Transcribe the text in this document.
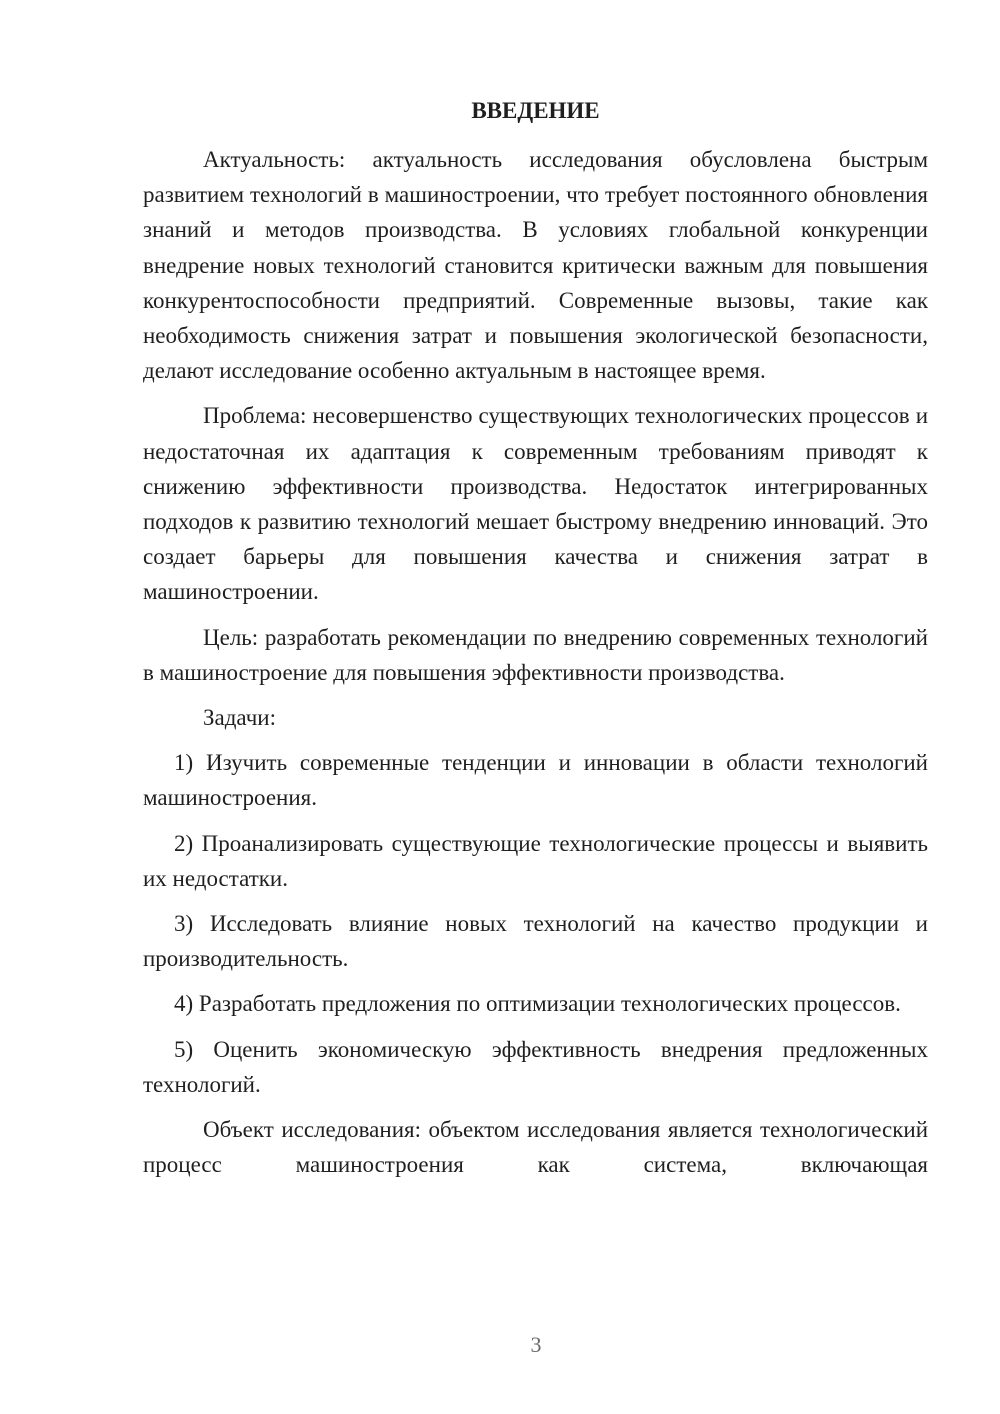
ВВЕДЕНИЕ

Актуальность: актуальность исследования обусловлена быстрым развитием технологий в машиностроении, что требует постоянного обновления знаний и методов производства. В условиях глобальной конкуренции внедрение новых технологий становится критически важным для повышения конкурентоспособности предприятий. Современные вызовы, такие как необходимость снижения затрат и повышения экологической безопасности, делают исследование особенно актуальным в настоящее время.

Проблема: несовершенство существующих технологических процессов и недостаточная их адаптация к современным требованиям приводят к снижению эффективности производства. Недостаток интегрированных подходов к развитию технологий мешает быстрому внедрению инноваций. Это создает барьеры для повышения качества и снижения затрат в машиностроении.

Цель: разработать рекомендации по внедрению современных технологий в машиностроение для повышения эффективности производства.

Задачи:

1) Изучить современные тенденции и инновации в области технологий машиностроения.

2) Проанализировать существующие технологические процессы и выявить их недостатки.

3) Исследовать влияние новых технологий на качество продукции и производительность.

4) Разработать предложения по оптимизации технологических процессов.

5) Оценить экономическую эффективность внедрения предложенных технологий.

Объект исследования: объектом исследования является технологический процесс машиностроения как система, включающая

3
